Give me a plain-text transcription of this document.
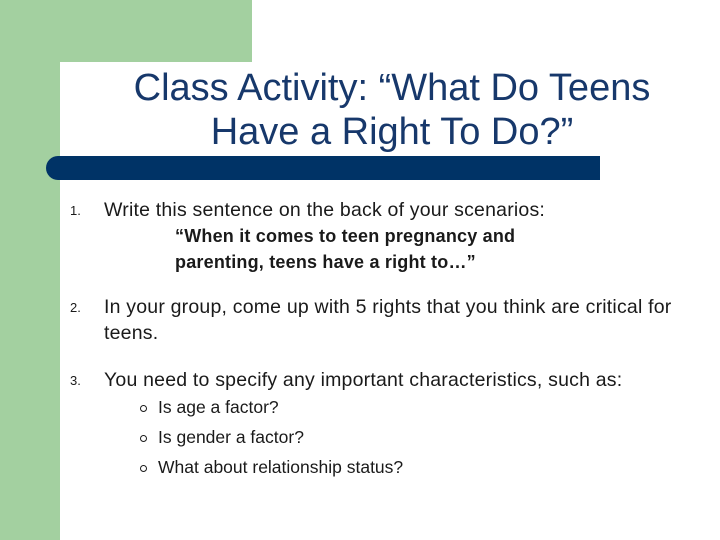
Class Activity: “What Do Teens
Have a Right To Do?”
1. Write this sentence on the back of your scenarios:
“When it comes to teen pregnancy and
parenting, teens have a right to…”
2. In your group, come up with 5 rights that you think are critical for teens.
3. You need to specify any important characteristics, such as:
Is age a factor?
Is gender a factor?
What about relationship status?
